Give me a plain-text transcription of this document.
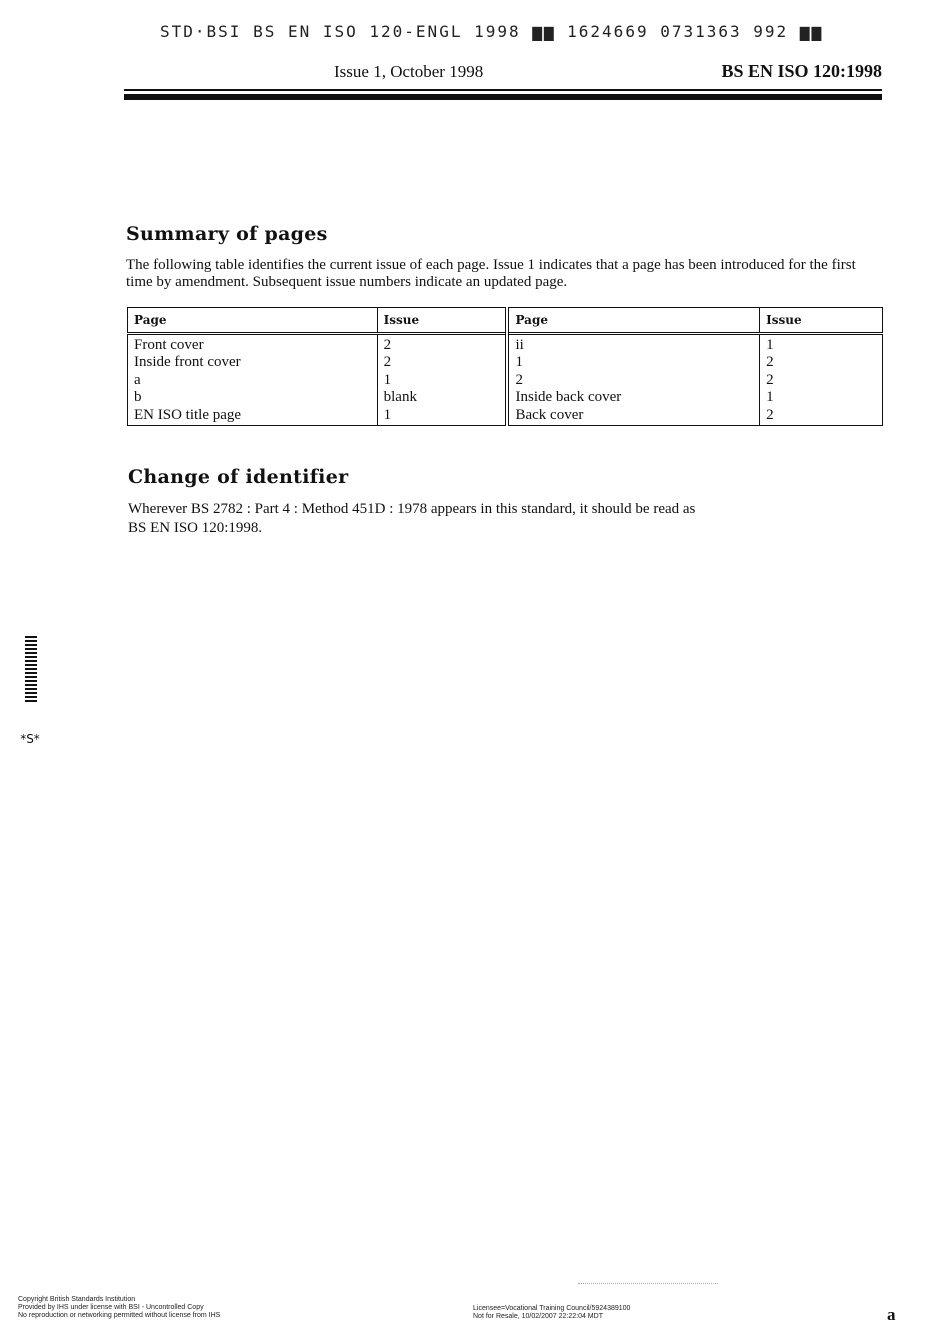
STD·BSI BS EN ISO 120-ENGL 1998 ▆▆ 1624669 0731363 992 ▆▆
Issue 1, October 1998	BS EN ISO 120:1998
Summary of pages
The following table identifies the current issue of each page. Issue 1 indicates that a page has been introduced for the first time by amendment. Subsequent issue numbers indicate an updated page.
Page	Issue	Page	Issue
Front cover	2	ii	1
Inside front cover	2	1	2
a	1	2	2
b	blank	Inside back cover	1
EN ISO title page	1	Back cover	2
Change of identifier
Wherever BS 2782 : Part 4 : Method 451D : 1978 appears in this standard, it should be read as
BS EN ISO 120:1998.
*S*
Copyright British Standards Institution
Provided by IHS under license with BSI - Uncontrolled Copy
No reproduction or networking permitted without license from IHS
Licensee=Vocational Training Council/5924389100
Not for Resale, 10/02/2007 22:22:04 MDT	a
